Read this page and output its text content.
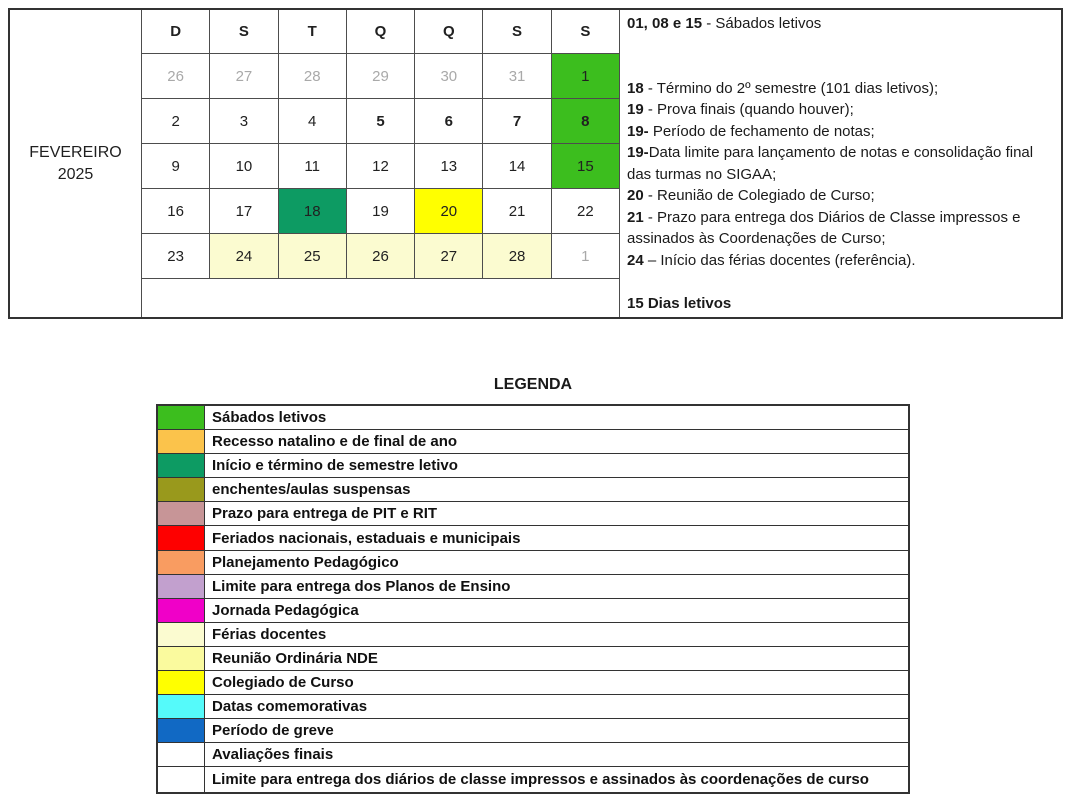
FEVEREIRO
2025
D	S	T	Q	Q	S	S
26	27	28	29	30	31	1
2	3	4	5	6	7	8
9	10	11	12	13	14	15
16	17	18	19	20	21	22
23	24	25	26	27	28	1
01, 08 e 15 - Sábados letivos
18 - Término do 2º semestre (101 dias letivos);
19 - Prova finais (quando houver);
19- Período de fechamento de notas;
19-Data limite para lançamento de notas e consolidação final das turmas no SIGAA;
20 - Reunião de Colegiado de Curso;
21 - Prazo para entrega dos Diários de Classe impressos e assinados às Coordenações de Curso;
24 – Início das férias docentes (referência).
15 Dias letivos
LEGENDA
Sábados letivos
Recesso natalino e de final de ano
Início e término de semestre letivo
enchentes/aulas suspensas
Prazo para entrega de PIT e RIT
Feriados nacionais, estaduais e municipais
Planejamento Pedagógico
Limite para entrega dos Planos de Ensino
Jornada Pedagógica
Férias docentes
Reunião Ordinária NDE
Colegiado de Curso
Datas comemorativas
Período de greve
Avaliações finais
Limite para entrega dos diários de classe impressos e assinados às coordenações de curso
